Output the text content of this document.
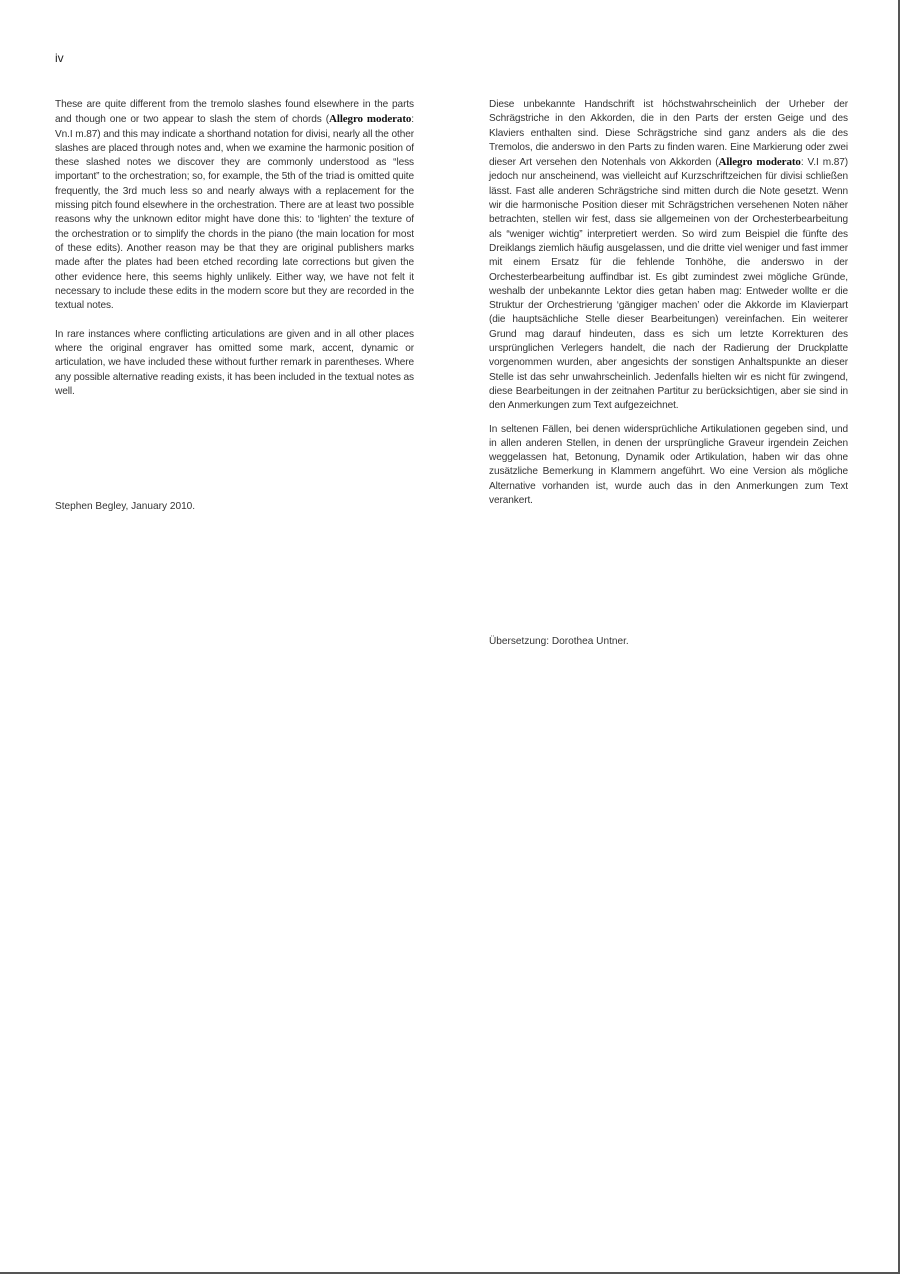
iv

These are quite different from the tremolo slashes found elsewhere in the parts and though one or two appear to slash the stem of chords (Allegro moderato: Vn.I m.87) and this may indicate a shorthand notation for divisi, nearly all the other slashes are placed through notes and, when we examine the harmonic position of these slashed notes we discover they are commonly understood as “less important” to the orchestration; so, for example, the 5th of the triad is omitted quite frequently, the 3rd much less so and nearly always with a replacement for the missing pitch found elsewhere in the orchestration. There are at least two possible reasons why the unknown editor might have done this: to ‘lighten’ the texture of the orchestration or to simplify the chords in the piano (the main location for most of these edits). Another reason may be that they are original publishers marks made after the plates had been etched recording late corrections but given the other evidence here, this seems highly unlikely. Either way, we have not felt it necessary to include these edits in the modern score but they are recorded in the textual notes.

In rare instances where conflicting articulations are given and in all other places where the original engraver has omitted some mark, accent, dynamic or articulation, we have included these without further remark in parentheses. Where any possible alternative reading exists, it has been included in the textual notes as well.

Stephen Begley, January 2010.

Diese unbekannte Handschrift ist höchstwahrscheinlich der Urheber der Schrägstriche in den Akkorden, die in den Parts der ersten Geige und des Klaviers enthalten sind. Diese Schrägstriche sind ganz anders als die des Tremolos, die anderswo in den Parts zu finden waren. Eine Markierung oder zwei dieser Art versehen den Notenhals von Akkorden (Allegro moderato: V.I m.87) jedoch nur anscheinend, was vielleicht auf Kurzschriftzeichen für divisi schließen lässt. Fast alle anderen Schrägstriche sind mitten durch die Note gesetzt. Wenn wir die harmonische Position dieser mit Schrägstrichen versehenen Noten näher betrachten, stellen wir fest, dass sie allgemeinen von der Orchesterbearbeitung als “weniger wichtig” interpretiert werden. So wird zum Beispiel die fünfte des Dreiklangs ziemlich häufig ausgelassen, und die dritte viel weniger und fast immer mit einem Ersatz für die fehlende Tonhöhe, die anderswo in der Orchesterbearbeitung auffindbar ist. Es gibt zumindest zwei mögliche Gründe, weshalb der unbekannte Lektor dies getan haben mag: Entweder wollte er die Struktur der Orchestrierung ‘gängiger machen’ oder die Akkorde im Klavierpart (die hauptsächliche Stelle dieser Bearbeitungen) vereinfachen. Ein weiterer Grund mag darauf hindeuten, dass es sich um letzte Korrekturen des ursprünglichen Verlegers handelt, die nach der Radierung der Druckplatte vorgenommen wurden, aber angesichts der sonstigen Anhaltspunkte an dieser Stelle ist das sehr unwahrscheinlich. Jedenfalls hielten wir es nicht für zwingend, diese Bearbeitungen in der zeitnahen Partitur zu berücksichtigen, aber sie sind in den Anmerkungen zum Text aufgezeichnet.

In seltenen Fällen, bei denen widersprüchliche Artikulationen gegeben sind, und in allen anderen Stellen, in denen der ursprüngliche Graveur irgendein Zeichen weggelassen hat, Betonung, Dynamik oder Artikulation, haben wir das ohne zusätzliche Bemerkung in Klammern angeführt. Wo eine Version als mögliche Alternative vorhanden ist, wurde auch das in den Anmerkungen zum Text verankert.

Übersetzung: Dorothea Untner.
